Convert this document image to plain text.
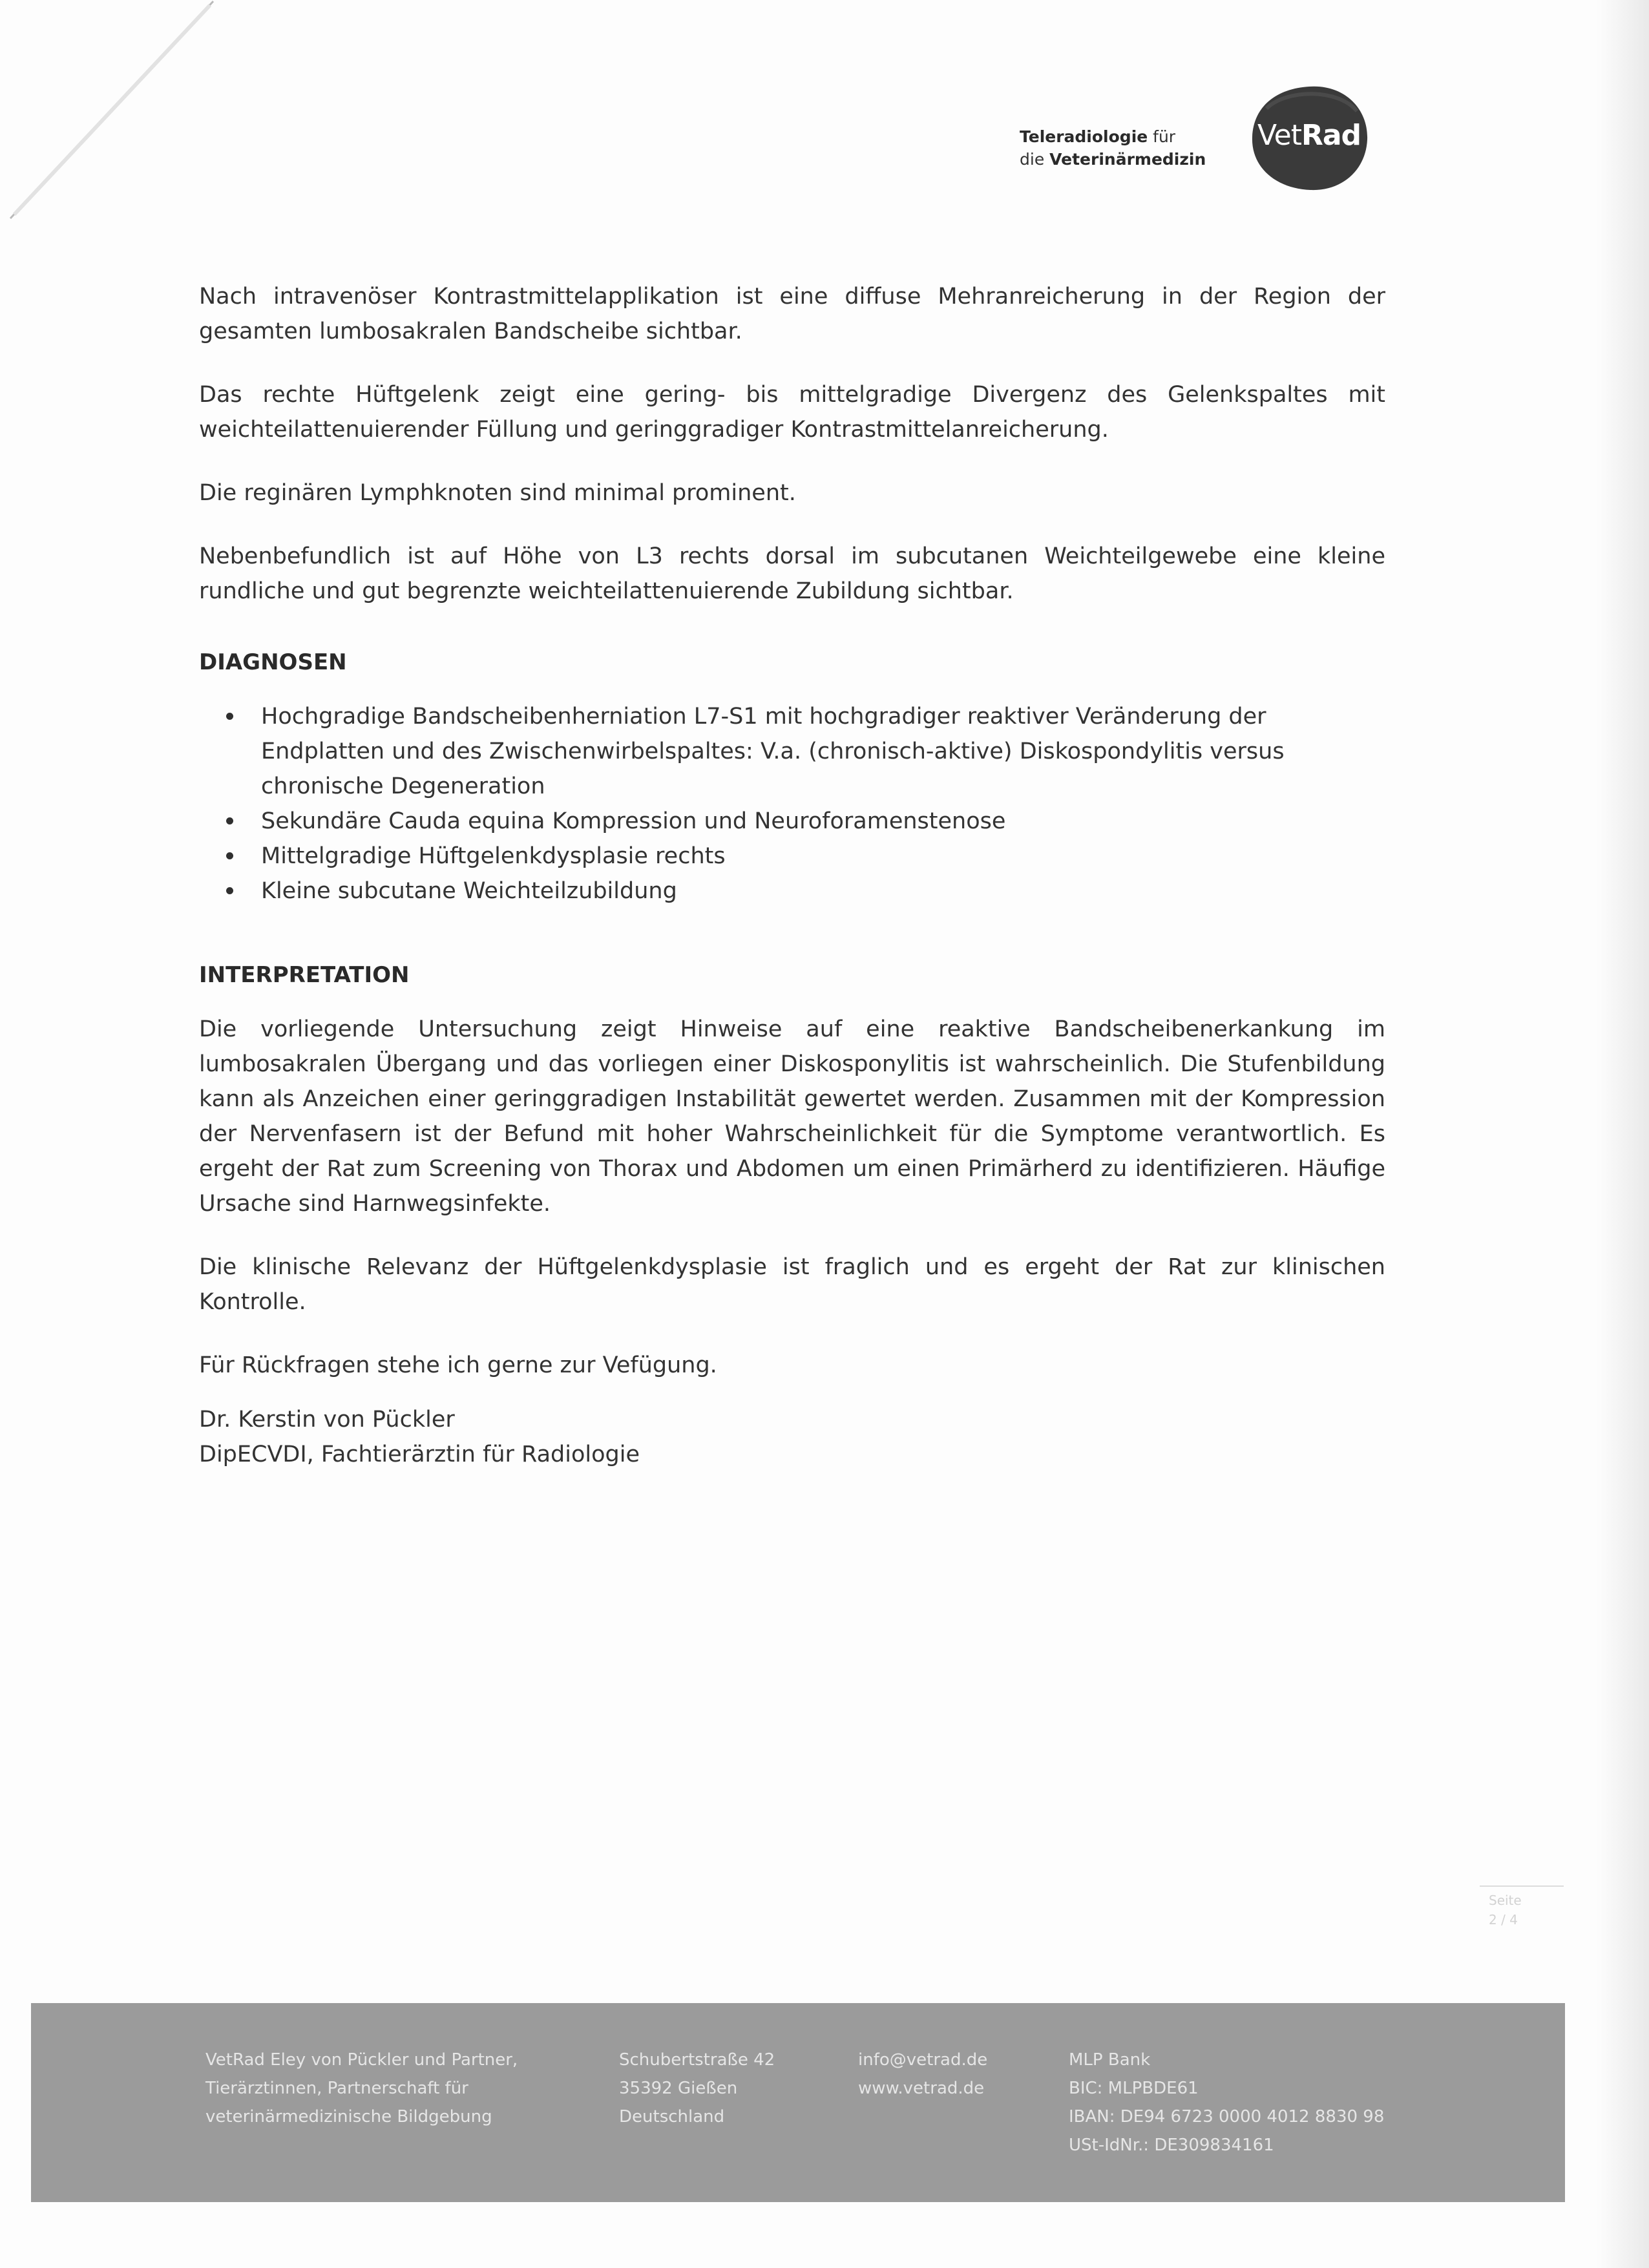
Teleradiologie für
die Veterinärmedizin
VetRad

Nach intravenöser Kontrastmittelapplikation ist eine diffuse Mehranreicherung in der Region der gesamten lumbosakralen Bandscheibe sichtbar.

Das rechte Hüftgelenk zeigt eine gering- bis mittelgradige Divergenz des Gelenkspaltes mit weichteilattenuierender Füllung und geringgradiger Kontrastmittelanreicherung.

Die reginären Lymphknoten sind minimal prominent.

Nebenbefundlich ist auf Höhe von L3 rechts dorsal im subcutanen Weichteilgewebe eine kleine rundliche und gut begrenzte weichteilattenuierende Zubildung sichtbar.

DIAGNOSEN
Hochgradige Bandscheibenherniation L7-S1 mit hochgradiger reaktiver Veränderung der Endplatten und des Zwischenwirbelspaltes: V.a. (chronisch-aktive) Diskospondylitis versus chronische Degeneration
Sekundäre Cauda equina Kompression und Neuroforamenstenose
Mittelgradige Hüftgelenkdysplasie rechts
Kleine subcutane Weichteilzubildung
INTERPRETATION

Die vorliegende Untersuchung zeigt Hinweise auf eine reaktive Bandscheibenerkankung im lumbosakralen Übergang und das vorliegen einer Diskosponylitis ist wahrscheinlich. Die Stufenbildung kann als Anzeichen einer geringgradigen Instabilität gewertet werden. Zusammen mit der Kompression der Nervenfasern ist der Befund mit hoher Wahrscheinlichkeit für die Symptome verantwortlich. Es ergeht der Rat zum Screening von Thorax und Abdomen um einen Primärherd zu identifizieren. Häufige Ursache sind Harnwegsinfekte.

Die klinische Relevanz der Hüftgelenkdysplasie ist fraglich und es ergeht der Rat zur klinischen Kontrolle.

Für Rückfragen stehe ich gerne zur Vefügung.

Dr. Kerstin von Pückler

DipECVDI, Fachtierärztin für Radiologie

Seite
2 / 4
VetRad Eley von Pückler und Partner,
Tierärztinnen, Partnerschaft für
veterinärmedizinische Bildgebung
Schubertstraße 42
35392 Gießen
Deutschland
info@vetrad.de
www.vetrad.de
MLP Bank
BIC: MLPBDE61
IBAN: DE94 6723 0000 4012 8830 98
USt-IdNr.: DE309834161
